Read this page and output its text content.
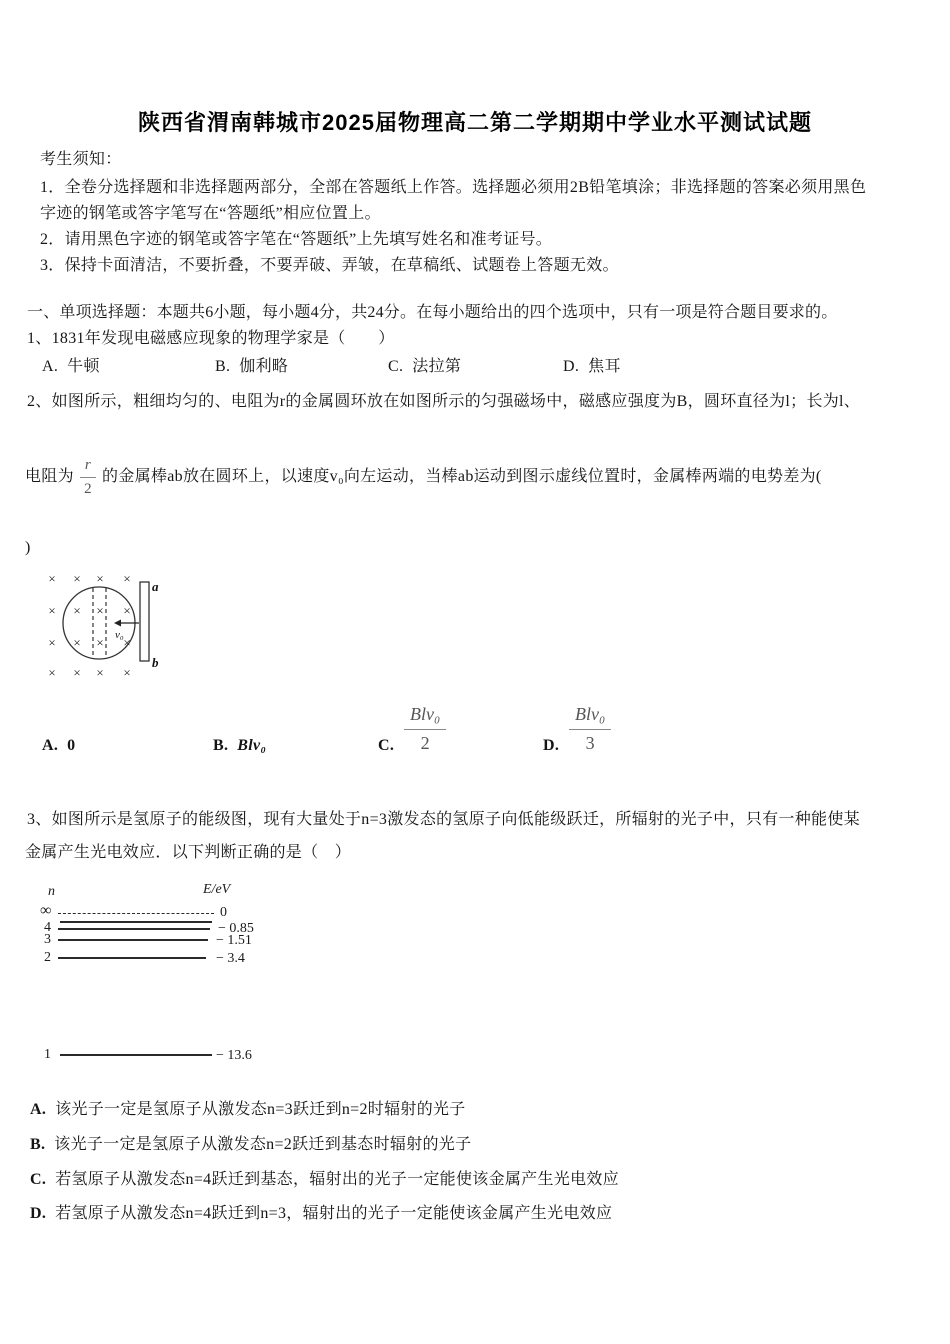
陕西省渭南韩城市2025届物理高二第二学期期中学业水平测试试题
考生须知：
1．全卷分选择题和非选择题两部分，全部在答题纸上作答。选择题必须用2B铅笔填涂；非选择题的答案必须用黑色
字迹的钢笔或答字笔写在“答题纸”相应位置上。
2．请用黑色字迹的钢笔或答字笔在“答题纸”上先填写姓名和准考证号。
3．保持卡面清洁，不要折叠，不要弄破、弄皱，在草稿纸、试题卷上答题无效。
一、单项选择题：本题共6小题，每小题4分，共24分。在每小题给出的四个选项中，只有一项是符合题目要求的。
1、1831年发现电磁感应现象的物理学家是（　　）
A. 牛顿	B. 伽利略	C. 法拉第	D. 焦耳
2、如图所示，粗细均匀的、电阻为r的金属圆环放在如图所示的匀强磁场中，磁感应强度为B，圆环直径为l；长为l、
电阻为 $\frac{r}{2}$ 的金属棒ab放在圆环上，以速度v₀向左运动，当棒ab运动到图示虚线位置时，金属棒两端的电势差为(
)
× × × ×
× × × ×
× × × ×
× × × ×
a
b
v₀
A. 0	B. Blv₀	C.
Blv₀
2	D.
Blv₀
3
3、如图所示是氢原子的能级图，现有大量处于n=3激发态的氢原子向低能级跃迁，所辐射的光子中，只有一种能使某
金属产生光电效应．以下判断正确的是（　）
n	E/eV
∞	0
4	− 0.85
3	− 1.51
2	− 3.4
1	− 13.6
A. 该光子一定是氢原子从激发态n=3跃迁到n=2时辐射的光子
B. 该光子一定是氢原子从激发态n=2跃迁到基态时辐射的光子
C. 若氢原子从激发态n=4跃迁到基态，辐射出的光子一定能使该金属产生光电效应
D. 若氢原子从激发态n=4跃迁到n=3，辐射出的光子一定能使该金属产生光电效应
